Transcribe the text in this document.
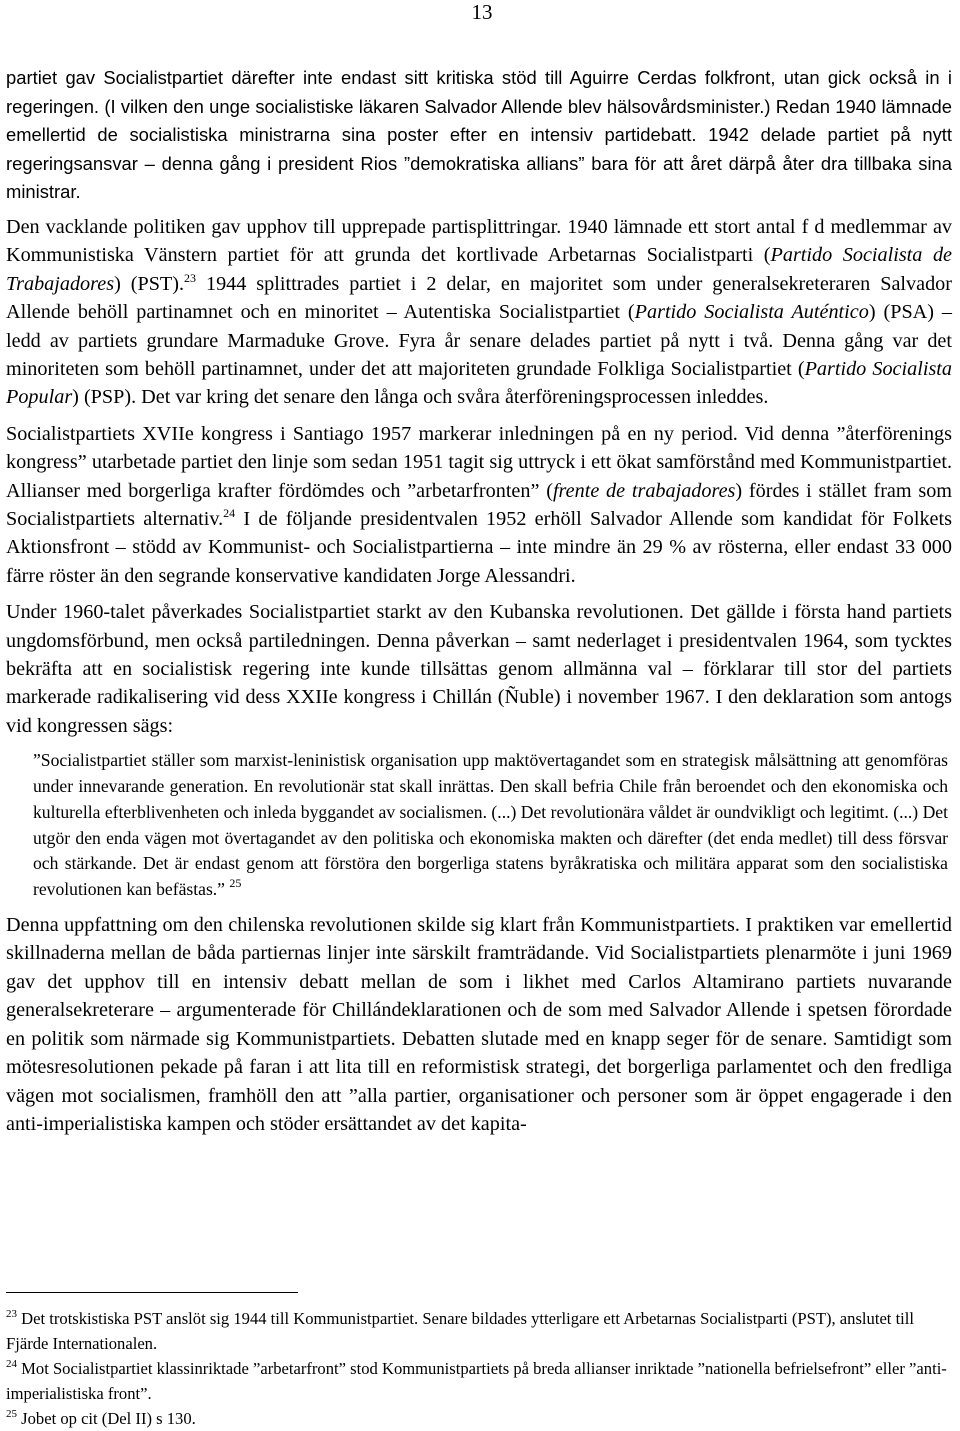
13

partiet gav Socialistpartiet därefter inte endast sitt kritiska stöd till Aguirre Cerdas folkfront, utan gick också in i regeringen. (I vilken den unge socialistiske läkaren Salvador Allende blev hälsovårdsminister.) Redan 1940 lämnade emellertid de socialistiska ministrarna sina poster efter en intensiv partidebatt. 1942 delade partiet på nytt regeringsansvar – denna gång i president Rios ”demokratiska allians” bara för att året därpå åter dra tillbaka sina ministrar.

Den vacklande politiken gav upphov till upprepade partisplittringar. 1940 lämnade ett stort antal f d medlemmar av Kommunistiska Vänstern partiet för att grunda det kortlivade Arbetarnas Socialistparti (Partido Socialista de Trabajadores) (PST).$^{23}$ 1944 splittrades partiet i 2 delar, en majoritet som under generalsekreteraren Salvador Allende behöll partinamnet och en minoritet – Autentiska Socialistpartiet (Partido Socialista Auténtico) (PSA) – ledd av partiets grundare Marmaduke Grove. Fyra år senare delades partiet på nytt i två. Denna gång var det minoriteten som behöll partinamnet, under det att majoriteten grundade Folkliga Socialistpartiet (Partido Socialista Popular) (PSP). Det var kring det senare den långa och svåra återföreningsprocessen inleddes.

Socialistpartiets XVIIe kongress i Santiago 1957 markerar inledningen på en ny period. Vid denna ”återförenings kongress” utarbetade partiet den linje som sedan 1951 tagit sig uttryck i ett ökat samförstånd med Kommunistpartiet. Allianser med borgerliga krafter fördömdes och ”arbetarfronten” (frente de trabajadores) fördes i stället fram som Socialistpartiets alternativ.$^{24}$ I de följande presidentvalen 1952 erhöll Salvador Allende som kandidat för Folkets Aktionsfront – stödd av Kommunist- och Socialistpartierna – inte mindre än 29 % av rösterna, eller endast 33 000 färre röster än den segrande konservative kandidaten Jorge Alessandri.

Under 1960-talet påverkades Socialistpartiet starkt av den Kubanska revolutionen. Det gällde i första hand partiets ungdomsförbund, men också partiledningen. Denna påverkan – samt nederlaget i presidentvalen 1964, som tycktes bekräfta att en socialistisk regering inte kunde tillsättas genom allmänna val – förklarar till stor del partiets markerade radikalisering vid dess XXIIe kongress i Chillán (Ñuble) i november 1967. I den deklaration som antogs vid kongressen sägs:

”Socialistpartiet ställer som marxist-leninistisk organisation upp maktövertagandet som en strategisk målsättning att genomföras under innevarande generation. En revolutionär stat skall inrättas. Den skall befria Chile från beroendet och den ekonomiska och kulturella efterblivenheten och inleda byggandet av socialismen. (...) Det revolutionära våldet är oundvikligt och legitimt. (...) Det utgör den enda vägen mot övertagandet av den politiska och ekonomiska makten och därefter (det enda medlet) till dess försvar och stärkande. Det är endast genom att förstöra den borgerliga statens byråkratiska och militära apparat som den socialistiska revolutionen kan befästas.” $^{25}$

Denna uppfattning om den chilenska revolutionen skilde sig klart från Kommunistpartiets. I praktiken var emellertid skillnaderna mellan de båda partiernas linjer inte särskilt framträdande. Vid Socialistpartiets plenarmöte i juni 1969 gav det upphov till en intensiv debatt mellan de som i likhet med Carlos Altamirano partiets nuvarande generalsekreterare – argumenterade för Chillándeklarationen och de som med Salvador Allende i spetsen förordade en politik som närmade sig Kommunistpartiets. Debatten slutade med en knapp seger för de senare. Samtidigt som mötesresolutionen pekade på faran i att lita till en reformistisk strategi, det borgerliga parlamentet och den fredliga vägen mot socialismen, framhöll den att ”alla partier, organisationer och personer som är öppet engagerade i den anti-imperialistiska kampen och stöder ersättandet av det kapita-

$^{23}$ Det trotskistiska PST anslöt sig 1944 till Kommunistpartiet. Senare bildades ytterligare ett Arbetarnas Socialistparti (PST), anslutet till Fjärde Internationalen.

$^{24}$ Mot Socialistpartiet klassinriktade ”arbetarfront” stod Kommunistpartiets på breda allianser inriktade ”nationella befrielsefront” eller ”anti-imperialistiska front”.

$^{25}$ Jobet op cit (Del II) s 130.
